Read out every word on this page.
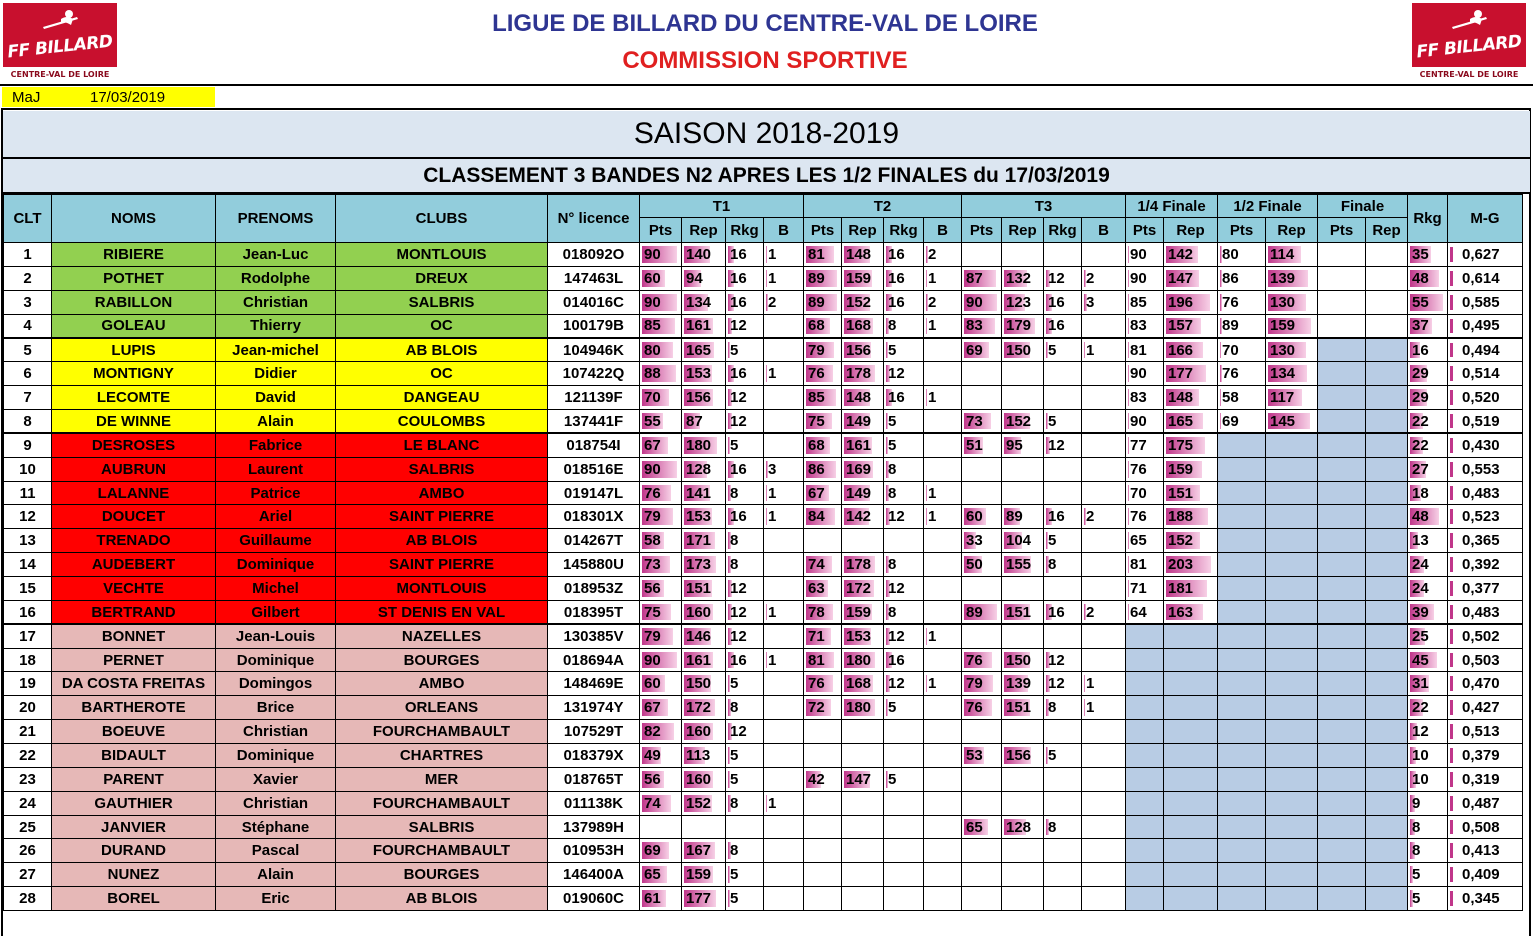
FF BILLARD
CENTRE-VAL DE LOIRE
FF BILLARD
CENTRE-VAL DE LOIRE
LIGUE DE BILLARD DU CENTRE-VAL DE LOIRE
COMMISSION SPORTIVE
MaJ	17/03/2019
SAISON 2018-2019
CLASSEMENT 3 BANDES N2 APRES LES 1/2 FINALES du 17/03/2019
CLT	NOMS	PRENOMS	CLUBS	N° licence	T1				T2				T3				1/4 Finale		1/2 Finale		Finale		Rkg	M-G
					Pts	Rep	Rkg	B	Pts	Rep	Rkg	B	Pts	Rep	Rkg	B	Pts	Rep	Pts	Rep	Pts	Rep		
1	RIBIERE	Jean-Luc	MONTLOUIS	018092O	90	140	16	1	81	148	16	2					90	142	80	114			35	0,627
2	POTHET	Rodolphe	DREUX	147463L	60	94	16	1	89	159	16	1	87	132	12	2	90	147	86	139			48	0,614
3	RABILLON	Christian	SALBRIS	014016C	90	134	16	2	89	152	16	2	90	123	16	3	85	196	76	130			55	0,585
4	GOLEAU	Thierry	OC	100179B	85	161	12		68	168	8	1	83	179	16		83	157	89	159			37	0,495
5	LUPIS	Jean-michel	AB BLOIS	104946K	80	165	5		79	156	5		69	150	5	1	81	166	70	130			16	0,494
6	MONTIGNY	Didier	OC	107422Q	88	153	16	1	76	178	12						90	177	76	134			29	0,514
7	LECOMTE	David	DANGEAU	121139F	70	156	12		85	148	16	1					83	148	58	117			29	0,520
8	DE WINNE	Alain	COULOMBS	137441F	55	87	12		75	149	5		73	152	5		90	165	69	145			22	0,519
9	DESROSES	Fabrice	LE BLANC	018754I	67	180	5		68	161	5		51	95	12		77	175					22	0,430
10	AUBRUN	Laurent	SALBRIS	018516E	90	128	16	3	86	169	8						76	159					27	0,553
11	LALANNE	Patrice	AMBO	019147L	76	141	8	1	67	149	8	1					70	151					18	0,483
12	DOUCET	Ariel	SAINT PIERRE	018301X	79	153	16	1	84	142	12	1	60	89	16	2	76	188					48	0,523
13	TRENADO	Guillaume	AB BLOIS	014267T	58	171	8						33	104	5		65	152					13	0,365
14	AUDEBERT	Dominique	SAINT PIERRE	145880U	73	173	8		74	178	8		50	155	8		81	203					24	0,392
15	VECHTE	Michel	MONTLOUIS	018953Z	56	151	12		63	172	12						71	181					24	0,377
16	BERTRAND	Gilbert	ST DENIS EN VAL	018395T	75	160	12	1	78	159	8		89	151	16	2	64	163					39	0,483
17	BONNET	Jean-Louis	NAZELLES	130385V	79	146	12		71	153	12	1											25	0,502
18	PERNET	Dominique	BOURGES	018694A	90	161	16	1	81	180	16		76	150	12								45	0,503
19	DA COSTA FREITAS	Domingos	AMBO	148469E	60	150	5		76	168	12	1	79	139	12	1							31	0,470
20	BARTHEROTE	Brice	ORLEANS	131974Y	67	172	8		72	180	5		76	151	8	1							22	0,427
21	BOEUVE	Christian	FOURCHAMBAULT	107529T	82	160	12																12	0,513
22	BIDAULT	Dominique	CHARTRES	018379X	49	113	5						53	156	5								10	0,379
23	PARENT	Xavier	MER	018765T	56	160	5		42	147	5												10	0,319
24	GAUTHIER	Christian	FOURCHAMBAULT	011138K	74	152	8	1															9	0,487
25	JANVIER	Stéphane	SALBRIS	137989H									65	128	8								8	0,508
26	DURAND	Pascal	FOURCHAMBAULT	010953H	69	167	8																8	0,413
27	NUNEZ	Alain	BOURGES	146400A	65	159	5																5	0,409
28	BOREL	Eric	AB BLOIS	019060C	61	177	5																5	0,345
